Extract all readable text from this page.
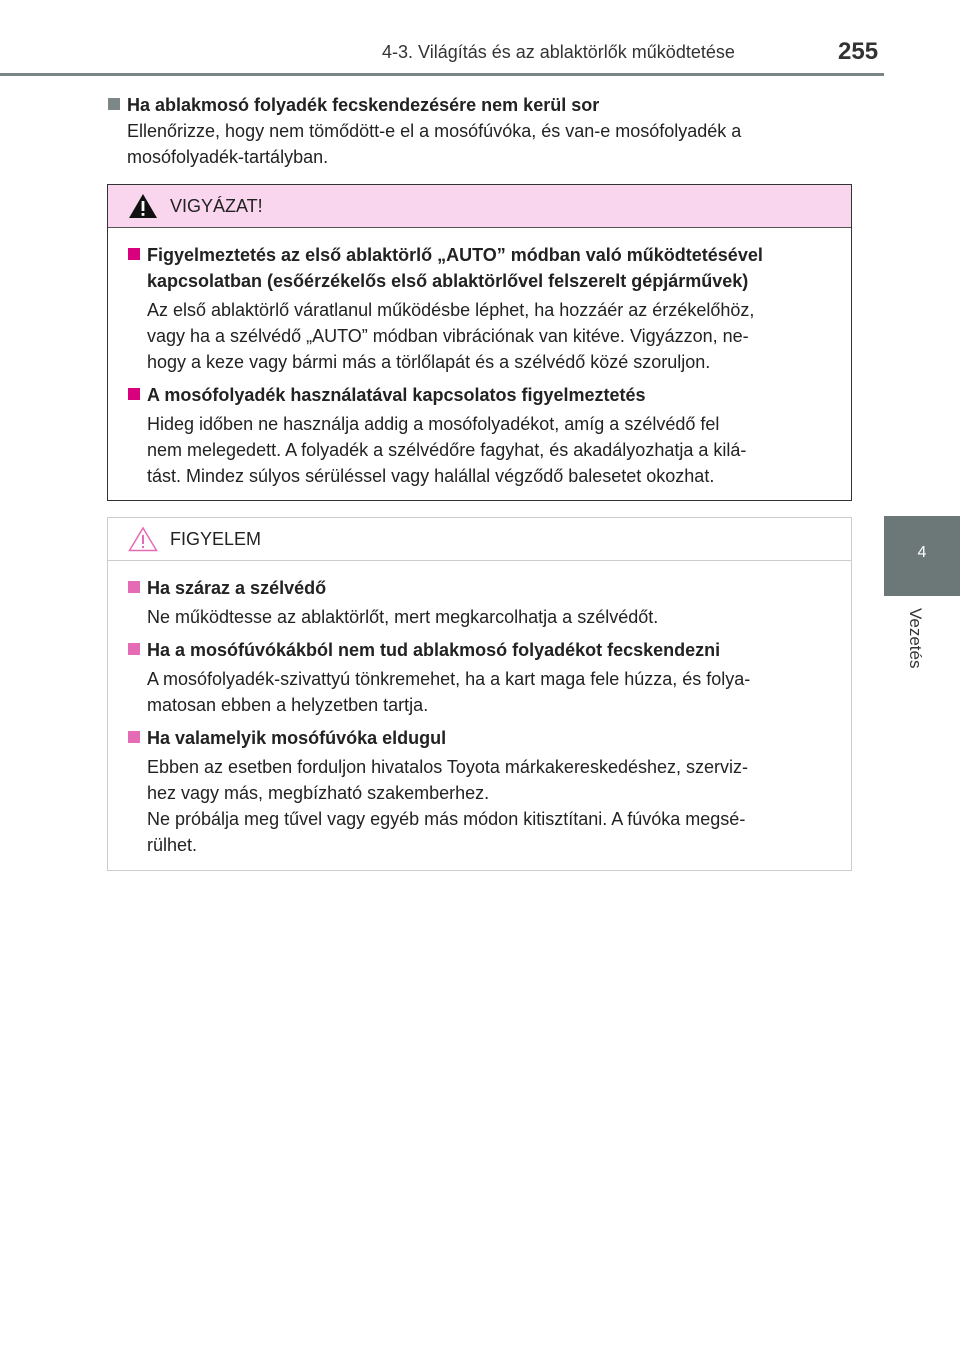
4-3. Világítás és az ablaktörlők működtetése	255
4
Vezetés
Ha ablakmosó folyadék fecskendezésére nem kerül sor
Ellenőrizze, hogy nem tömődött-e el a mosófúvóka, és van-e mosófolyadék a
mosófolyadék-tartályban.
VIGYÁZAT!
Figyelmeztetés az első ablaktörlő „AUTO” módban való működtetésével
kapcsolatban (esőérzékelős első ablaktörlővel felszerelt gépjárművek)
Az első ablaktörlő váratlanul működésbe léphet, ha hozzáér az érzékelőhöz,
vagy ha a szélvédő „AUTO” módban vibrációnak van kitéve. Vigyázzon, ne-
hogy a keze vagy bármi más a törlőlapát és a szélvédő közé szoruljon.
A mosófolyadék használatával kapcsolatos figyelmeztetés
Hideg időben ne használja addig a mosófolyadékot, amíg a szélvédő fel
nem melegedett. A folyadék a szélvédőre fagyhat, és akadályozhatja a kilá-
tást. Mindez súlyos sérüléssel vagy halállal végződő balesetet okozhat.
FIGYELEM
Ha száraz a szélvédő
Ne működtesse az ablaktörlőt, mert megkarcolhatja a szélvédőt.
Ha a mosófúvókákból nem tud ablakmosó folyadékot fecskendezni
A mosófolyadék-szivattyú tönkremehet, ha a kart maga fele húzza, és folya-
matosan ebben a helyzetben tartja.
Ha valamelyik mosófúvóka eldugul
Ebben az esetben forduljon hivatalos Toyota márkakereskedéshez, szerviz-
hez vagy más, megbízható szakemberhez.
Ne próbálja meg tűvel vagy egyéb más módon kitisztítani. A fúvóka megsé-
rülhet.
